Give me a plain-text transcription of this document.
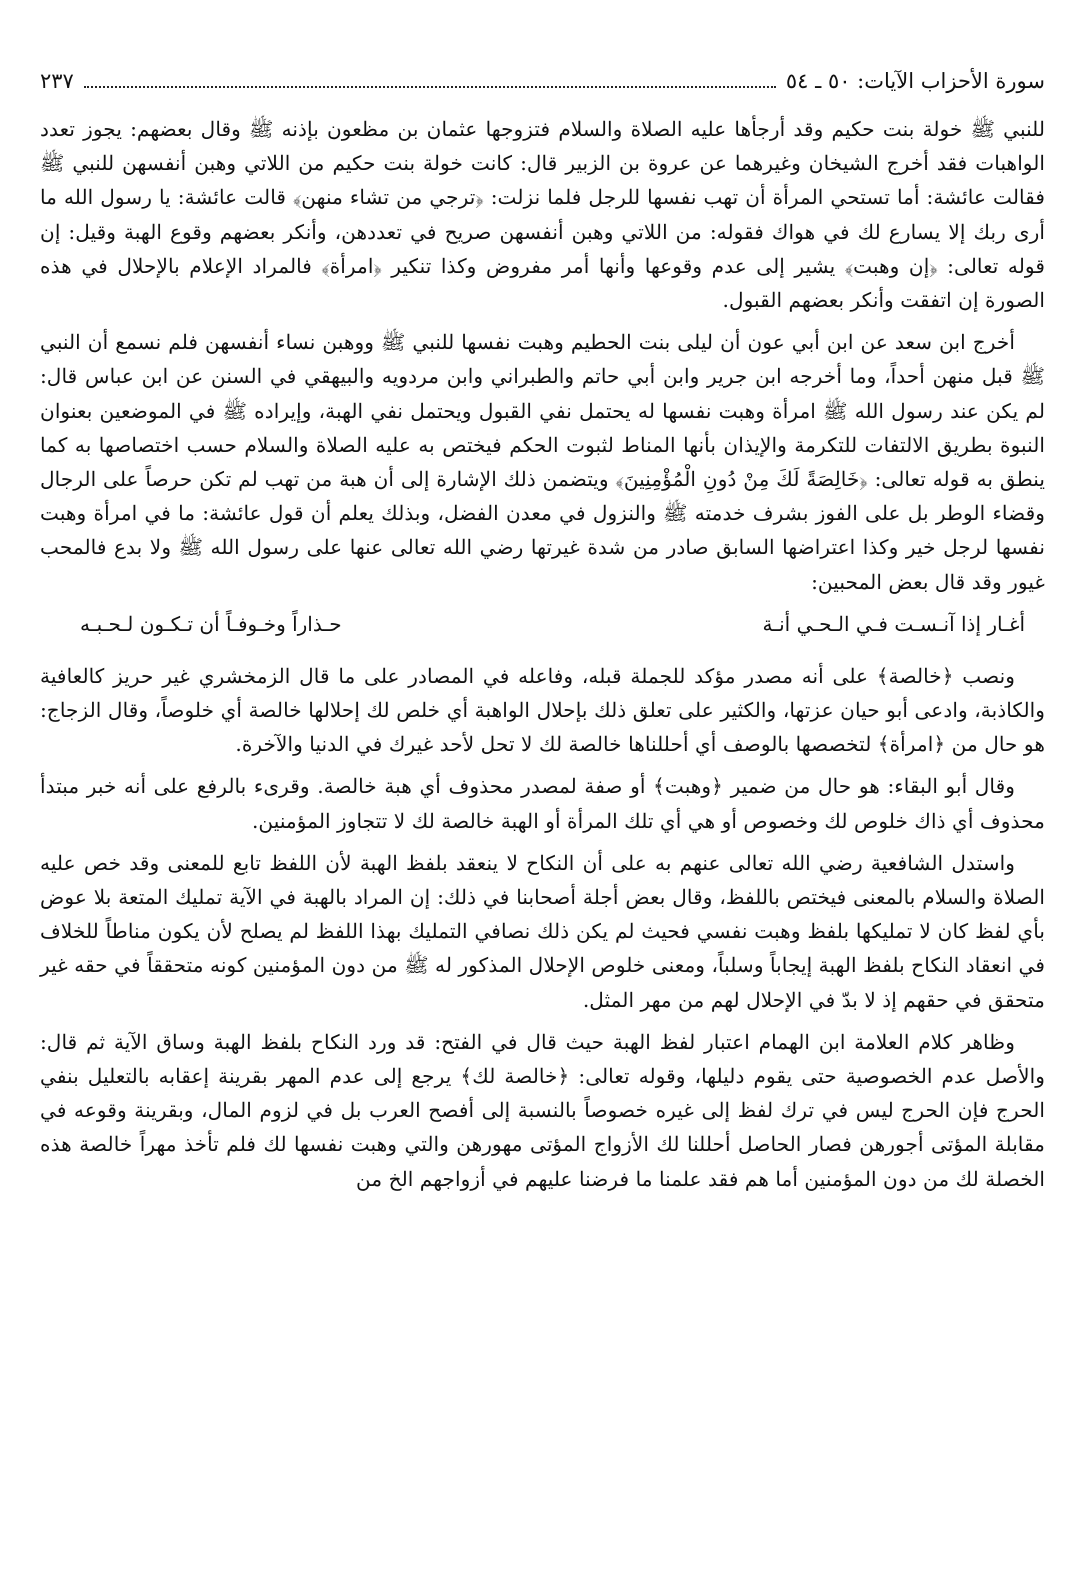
سورة الأحزاب الآيات: ٥٠ ـ ٥٤
٢٣٧

للنبي ﷺ خولة بنت حكيم وقد أرجأها عليه الصلاة والسلام فتزوجها عثمان بن مظعون بإذنه ﷺ وقال بعضهم: يجوز تعدد الواهبات فقد أخرج الشيخان وغيرهما عن عروة بن الزبير قال: كانت خولة بنت حكيم من اللاتي وهبن أنفسهن للنبي ﷺ فقالت عائشة: أما تستحي المرأة أن تهب نفسها للرجل فلما نزلت: ﴿ترجي من تشاء منهن﴾ قالت عائشة: يا رسول الله ما أرى ربك إلا يسارع لك في هواك فقوله: من اللاتي وهبن أنفسهن صريح في تعددهن، وأنكر بعضهم وقوع الهبة وقيل: إن قوله تعالى: ﴿إن وهبت﴾ يشير إلى عدم وقوعها وأنها أمر مفروض وكذا تنكير ﴿امرأة﴾ فالمراد الإعلام بالإحلال في هذه الصورة إن اتفقت وأنكر بعضهم القبول.

أخرج ابن سعد عن ابن أبي عون أن ليلى بنت الحطيم وهبت نفسها للنبي ﷺ ووهبن نساء أنفسهن فلم نسمع أن النبي ﷺ قبل منهن أحداً، وما أخرجه ابن جرير وابن أبي حاتم والطبراني وابن مردويه والبيهقي في السنن عن ابن عباس قال: لم يكن عند رسول الله ﷺ امرأة وهبت نفسها له يحتمل نفي القبول ويحتمل نفي الهبة، وإيراده ﷺ في الموضعين بعنوان النبوة بطريق الالتفات للتكرمة والإيذان بأنها المناط لثبوت الحكم فيختص به عليه الصلاة والسلام حسب اختصاصها به كما ينطق به قوله تعالى: ﴿خَالِصَةً لَكَ مِنْ دُونِ الْمُؤْمِنِينَ﴾ ويتضمن ذلك الإشارة إلى أن هبة من تهب لم تكن حرصاً على الرجال وقضاء الوطر بل على الفوز بشرف خدمته ﷺ والنزول في معدن الفضل، وبذلك يعلم أن قول عائشة: ما في امرأة وهبت نفسها لرجل خير وكذا اعتراضها السابق صادر من شدة غيرتها رضي الله تعالى عنها على رسول الله ﷺ ولا بدع فالمحب غيور وقد قال بعض المحبين:

أغـار إذا آنـسـت فـي الـحـي أنـة
حـذاراً وخـوفـاً أن تـكـون لـحـبـه

ونصب ﴿خالصة﴾ على أنه مصدر مؤكد للجملة قبله، وفاعله في المصادر على ما قال الزمخشري غير حريز كالعافية والكاذبة، وادعى أبو حيان عزتها، والكثير على تعلق ذلك بإحلال الواهبة أي خلص لك إحلالها خالصة أي خلوصاً، وقال الزجاج: هو حال من ﴿امرأة﴾ لتخصصها بالوصف أي أحللناها خالصة لك لا تحل لأحد غيرك في الدنيا والآخرة.

وقال أبو البقاء: هو حال من ضمير ﴿وهبت﴾ أو صفة لمصدر محذوف أي هبة خالصة. وقرىء بالرفع على أنه خبر مبتدأ محذوف أي ذاك خلوص لك وخصوص أو هي أي تلك المرأة أو الهبة خالصة لك لا تتجاوز المؤمنين.

واستدل الشافعية رضي الله تعالى عنهم به على أن النكاح لا ينعقد بلفظ الهبة لأن اللفظ تابع للمعنى وقد خص عليه الصلاة والسلام بالمعنى فيختص باللفظ، وقال بعض أجلة أصحابنا في ذلك: إن المراد بالهبة في الآية تمليك المتعة بلا عوض بأي لفظ كان لا تمليكها بلفظ وهبت نفسي فحيث لم يكن ذلك نصافي التمليك بهذا اللفظ لم يصلح لأن يكون مناطاً للخلاف في انعقاد النكاح بلفظ الهبة إيجاباً وسلباً، ومعنى خلوص الإحلال المذكور له ﷺ من دون المؤمنين كونه متحققاً في حقه غير متحقق في حقهم إذ لا بدّ في الإحلال لهم من مهر المثل.

وظاهر كلام العلامة ابن الهمام اعتبار لفظ الهبة حيث قال في الفتح: قد ورد النكاح بلفظ الهبة وساق الآية ثم قال: والأصل عدم الخصوصية حتى يقوم دليلها، وقوله تعالى: ﴿خالصة لك﴾ يرجع إلى عدم المهر بقرينة إعقابه بالتعليل بنفي الحرج فإن الحرج ليس في ترك لفظ إلى غيره خصوصاً بالنسبة إلى أفصح العرب بل في لزوم المال، وبقرينة وقوعه في مقابلة المؤتى أجورهن فصار الحاصل أحللنا لك الأزواج المؤتى مهورهن والتي وهبت نفسها لك فلم تأخذ مهراً خالصة هذه الخصلة لك من دون المؤمنين أما هم فقد علمنا ما فرضنا عليهم في أزواجهم الخ من
